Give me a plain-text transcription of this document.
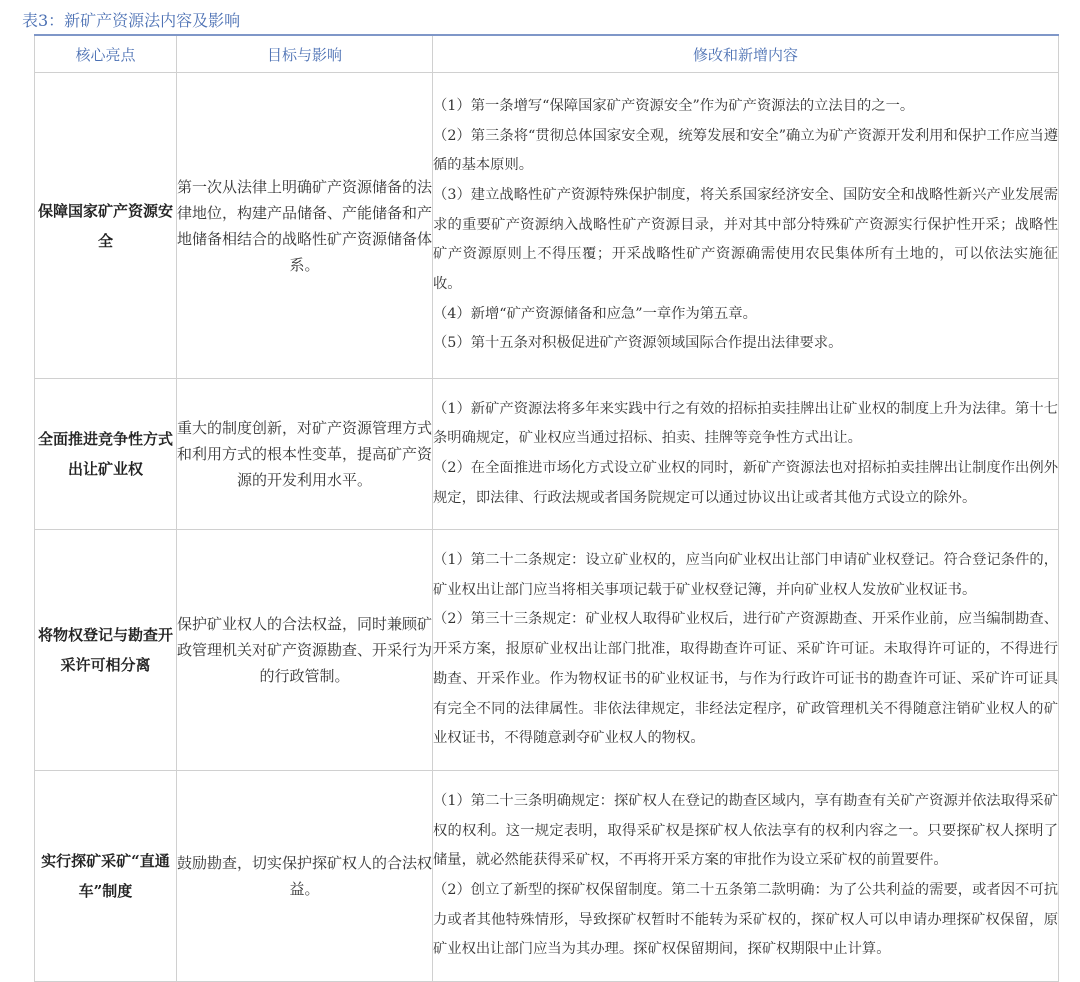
表3：新矿产资源法内容及影响
核心亮点	目标与影响	修改和新增内容
保障国家矿产资源安全	第一次从法律上明确矿产资源储备的法律地位，构建产品储备、产能储备和产地储备相结合的战略性矿产资源储备体系。	（1）第一条增写“保障国家矿产资源安全”作为矿产资源法的立法目的之一。

（2）第三条将“贯彻总体国家安全观，统筹发展和安全”确立为矿产资源开发利用和保护工作应当遵循的基本原则。

（3）建立战略性矿产资源特殊保护制度，将关系国家经济安全、国防安全和战略性新兴产业发展需求的重要矿产资源纳入战略性矿产资源目录，并对其中部分特殊矿产资源实行保护性开采；战略性矿产资源原则上不得压覆；开采战略性矿产资源确需使用农民集体所有土地的，可以依法实施征收。

（4）新增“矿产资源储备和应急”一章作为第五章。

（5）第十五条对积极促进矿产资源领域国际合作提出法律要求。

全面推进竞争性方式出让矿业权	重大的制度创新，对矿产资源管理方式和利用方式的根本性变革，提高矿产资源的开发利用水平。	（1）新矿产资源法将多年来实践中行之有效的招标拍卖挂牌出让矿业权的制度上升为法律。第十七条明确规定，矿业权应当通过招标、拍卖、挂牌等竞争性方式出让。

（2）在全面推进市场化方式设立矿业权的同时，新矿产资源法也对招标拍卖挂牌出让制度作出例外规定，即法律、行政法规或者国务院规定可以通过协议出让或者其他方式设立的除外。

将物权登记与勘查开采许可相分离	保护矿业权人的合法权益，同时兼顾矿政管理机关对矿产资源勘查、开采行为的行政管制。	（1）第二十二条规定：设立矿业权的，应当向矿业权出让部门申请矿业权登记。符合登记条件的，矿业权出让部门应当将相关事项记载于矿业权登记簿，并向矿业权人发放矿业权证书。

（2）第三十三条规定：矿业权人取得矿业权后，进行矿产资源勘查、开采作业前，应当编制勘查、开采方案，报原矿业权出让部门批准，取得勘查许可证、采矿许可证。未取得许可证的，不得进行勘查、开采作业。作为物权证书的矿业权证书，与作为行政许可证书的勘查许可证、采矿许可证具有完全不同的法律属性。非依法律规定，非经法定程序，矿政管理机关不得随意注销矿业权人的矿业权证书，不得随意剥夺矿业权人的物权。

实行探矿采矿“直通车”制度	鼓励勘查，切实保护探矿权人的合法权益。	（1）第二十三条明确规定：探矿权人在登记的勘查区域内，享有勘查有关矿产资源并依法取得采矿权的权利。这一规定表明，取得采矿权是探矿权人依法享有的权利内容之一。只要探矿权人探明了储量，就必然能获得采矿权，不再将开采方案的审批作为设立采矿权的前置要件。

（2）创立了新型的探矿权保留制度。第二十五条第二款明确：为了公共利益的需要，或者因不可抗力或者其他特殊情形，导致探矿权暂时不能转为采矿权的，探矿权人可以申请办理探矿权保留，原矿业权出让部门应当为其办理。探矿权保留期间，探矿权期限中止计算。
